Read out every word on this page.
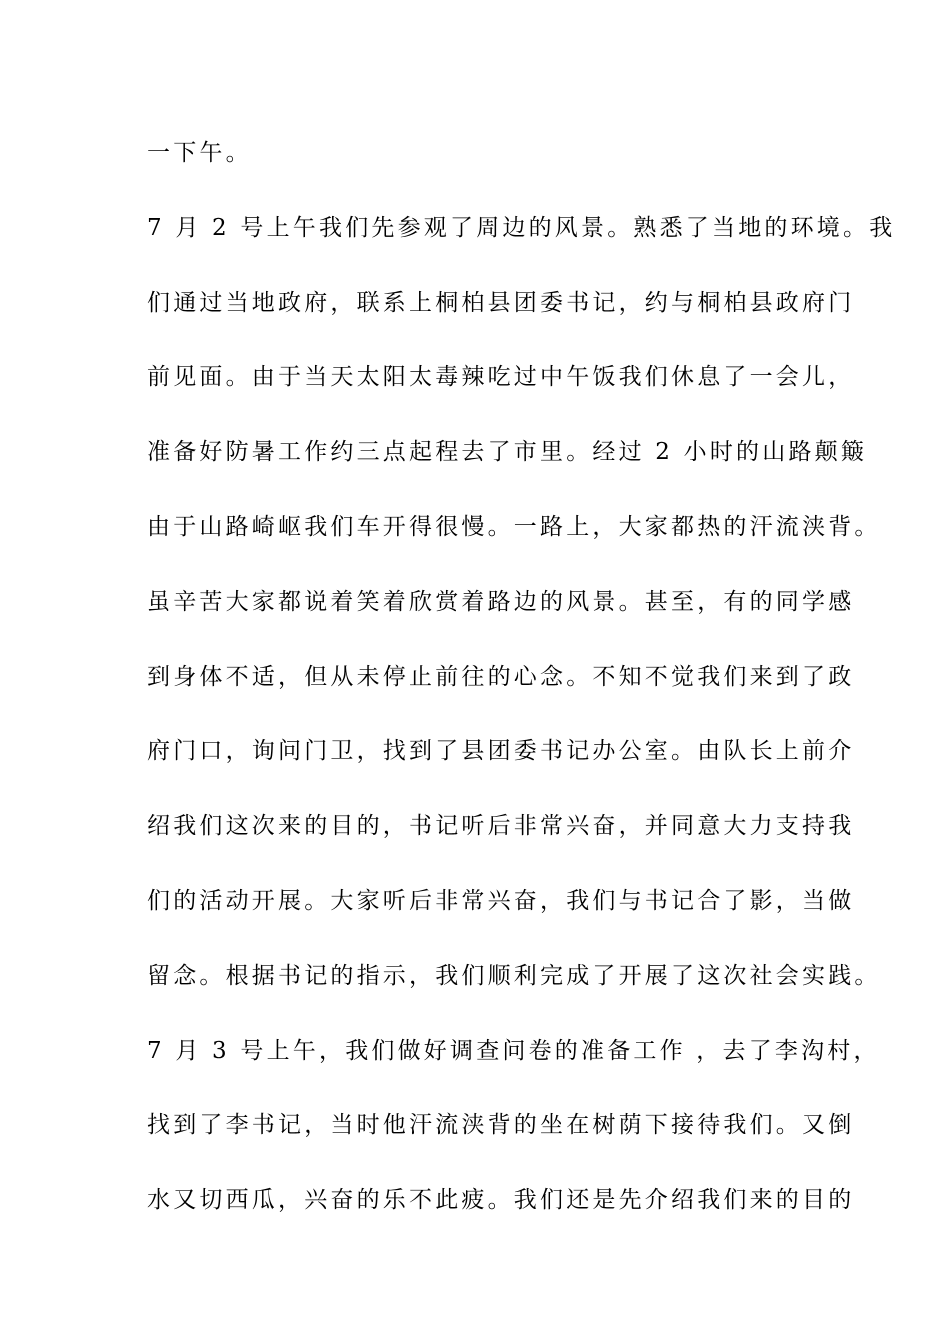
一下午。
7 月 2 号上午我们先参观了周边的风景。熟悉了当地的环境。我
们通过当地政府，联系上桐柏县团委书记，约与桐柏县政府门
前见面。由于当天太阳太毒辣吃过中午饭我们休息了一会儿，
准备好防暑工作约三点起程去了市里。经过 2 小时的山路颠簸
由于山路崎岖我们车开得很慢。一路上，大家都热的汗流浃背。
虽辛苦大家都说着笑着欣赏着路边的风景。甚至，有的同学感
到身体不适，但从未停止前往的心念。不知不觉我们来到了政
府门口，询问门卫，找到了县团委书记办公室。由队长上前介
绍我们这次来的目的，书记听后非常兴奋，并同意大力支持我
们的活动开展。大家听后非常兴奋，我们与书记合了影，当做
留念。根据书记的指示，我们顺利完成了开展了这次社会实践。
7 月 3 号上午，我们做好调查问卷的准备工作 ，去了李沟村，
找到了李书记，当时他汗流浃背的坐在树荫下接待我们。又倒
水又切西瓜，兴奋的乐不此疲。我们还是先介绍我们来的目的
